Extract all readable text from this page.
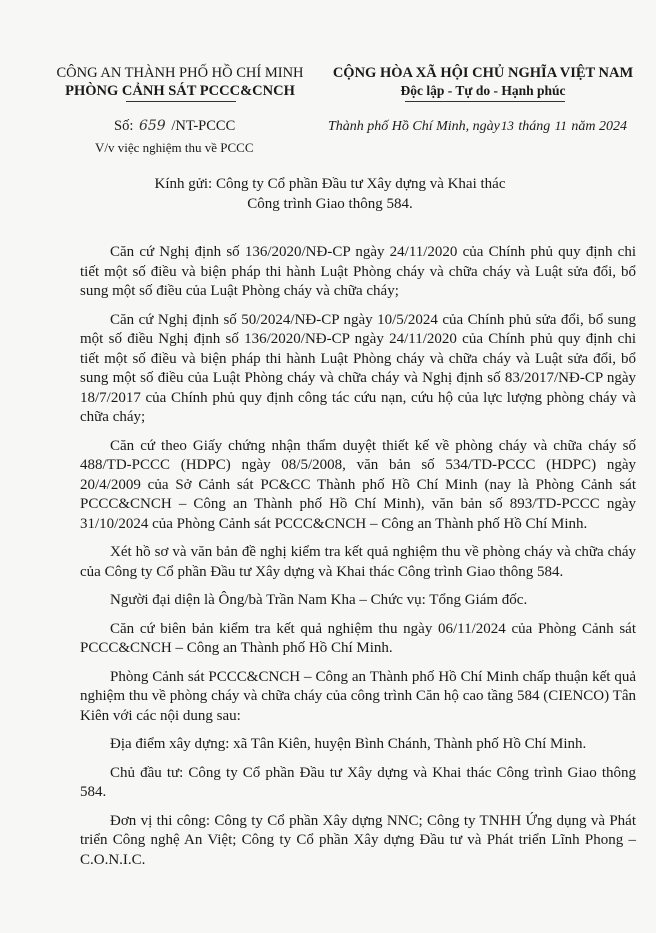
CÔNG AN THÀNH PHỐ HỒ CHÍ MINH
PHÒNG CẢNH SÁT PCCC&CNCH
CỘNG HÒA XÃ HỘI CHỦ NGHĨA VIỆT NAM
Độc lập - Tự do - Hạnh phúc
Số: 659 /NT-PCCC	Thành phố Hồ Chí Minh, ngày13 tháng 11 năm 2024
V/v việc nghiệm thu về PCCC
Kính gửi: Công ty Cổ phần Đầu tư Xây dựng và Khai thác
Công trình Giao thông 584.

Căn cứ Nghị định số 136/2020/NĐ-CP ngày 24/11/2020 của Chính phủ quy định chi tiết một số điều và biện pháp thi hành Luật Phòng cháy và chữa cháy và Luật sửa đổi, bổ sung một số điều của Luật Phòng cháy và chữa cháy;

Căn cứ Nghị định số 50/2024/NĐ-CP ngày 10/5/2024 của Chính phủ sửa đổi, bổ sung một số điều Nghị định số 136/2020/NĐ-CP ngày 24/11/2020 của Chính phủ quy định chi tiết một số điều và biện pháp thi hành Luật Phòng cháy và chữa cháy và Luật sửa đổi, bổ sung một số điều của Luật Phòng cháy và chữa cháy và Nghị định số 83/2017/NĐ-CP ngày 18/7/2017 của Chính phủ quy định công tác cứu nạn, cứu hộ của lực lượng phòng cháy và chữa cháy;

Căn cứ theo Giấy chứng nhận thẩm duyệt thiết kế về phòng cháy và chữa cháy số 488/TD-PCCC (HDPC) ngày 08/5/2008, văn bản số 534/TD-PCCC (HDPC) ngày 20/4/2009 của Sở Cảnh sát PC&CC Thành phố Hồ Chí Minh (nay là Phòng Cảnh sát PCCC&CNCH – Công an Thành phố Hồ Chí Minh), văn bản số 893/TD-PCCC ngày 31/10/2024 của Phòng Cảnh sát PCCC&CNCH – Công an Thành phố Hồ Chí Minh.

Xét hồ sơ và văn bản đề nghị kiểm tra kết quả nghiệm thu về phòng cháy và chữa cháy của Công ty Cổ phần Đầu tư Xây dựng và Khai thác Công trình Giao thông 584.

Người đại diện là Ông/bà Trần Nam Kha – Chức vụ: Tổng Giám đốc.

Căn cứ biên bản kiểm tra kết quả nghiệm thu ngày 06/11/2024 của Phòng Cảnh sát PCCC&CNCH – Công an Thành phố Hồ Chí Minh.

Phòng Cảnh sát PCCC&CNCH – Công an Thành phố Hồ Chí Minh chấp thuận kết quả nghiệm thu về phòng cháy và chữa cháy của công trình Căn hộ cao tầng 584 (CIENCO) Tân Kiên với các nội dung sau:

Địa điểm xây dựng: xã Tân Kiên, huyện Bình Chánh, Thành phố Hồ Chí Minh.

Chủ đầu tư: Công ty Cổ phần Đầu tư Xây dựng và Khai thác Công trình Giao thông 584.

Đơn vị thi công: Công ty Cổ phần Xây dựng NNC; Công ty TNHH Ứng dụng và Phát triển Công nghệ An Việt; Công ty Cổ phần Xây dựng Đầu tư và Phát triển Lĩnh Phong – C.O.N.I.C.
